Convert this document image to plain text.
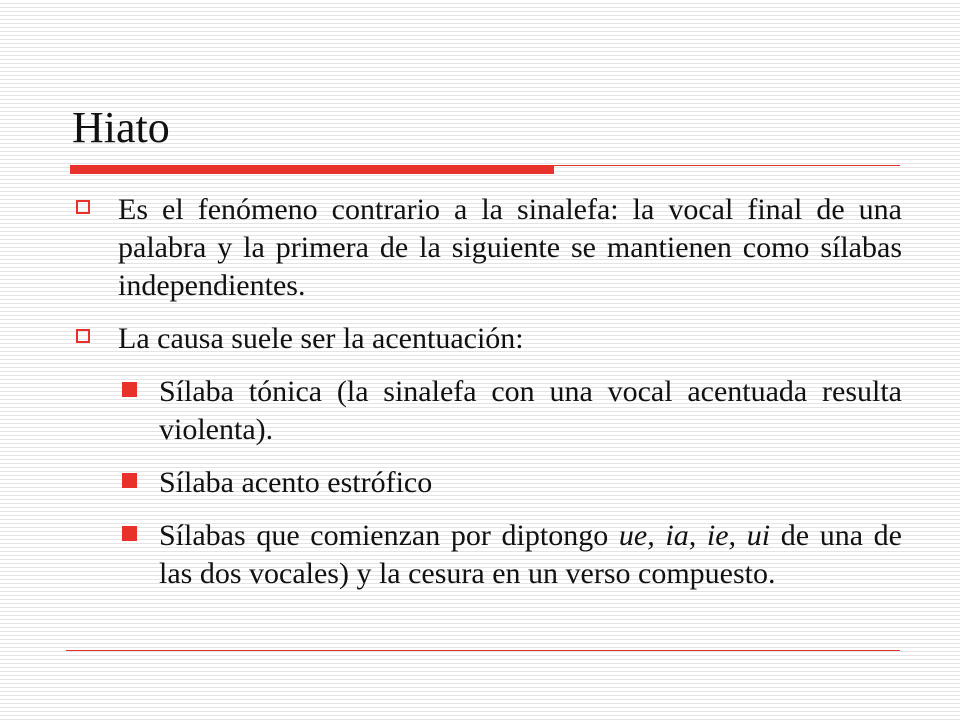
Hiato
Es el fenómeno contrario a la sinalefa: la vocal final de una palabra y la primera de la siguiente se mantienen como sílabas independientes.
La causa suele ser la acentuación:
Sílaba tónica (la sinalefa con una vocal acentuada resulta violenta).
Sílaba acento estrófico
Sílabas que comienzan por diptongo ue, ia, ie, ui de una de las dos vocales) y la cesura en un verso compuesto.
